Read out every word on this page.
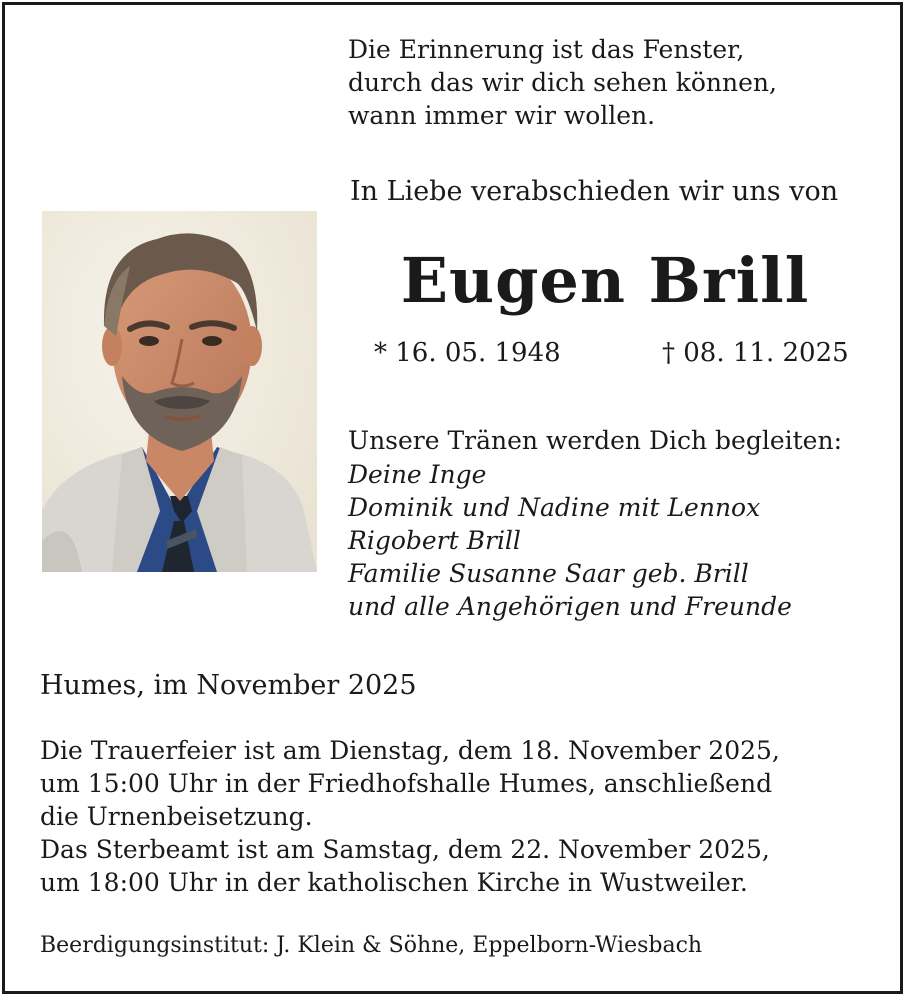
Die Erinnerung ist das Fenster,
durch das wir dich sehen können,
wann immer wir wollen.
In Liebe verabschieden wir uns von
Eugen Brill
* 16. 05. 1948	† 08. 11. 2025
Unsere Tränen werden Dich begleiten:
Deine Inge
Dominik und Nadine mit Lennox
Rigobert Brill
Familie Susanne Saar geb. Brill
und alle Angehörigen und Freunde
Humes, im November 2025
Die Trauerfeier ist am Dienstag, dem 18. November 2025,
um 15:00 Uhr in der Friedhofshalle Humes, anschließend
die Urnenbeisetzung.
Das Sterbeamt ist am Samstag, dem 22. November 2025,
um 18:00 Uhr in der katholischen Kirche in Wustweiler.
Beerdigungsinstitut: J. Klein & Söhne, Eppelborn-Wiesbach
